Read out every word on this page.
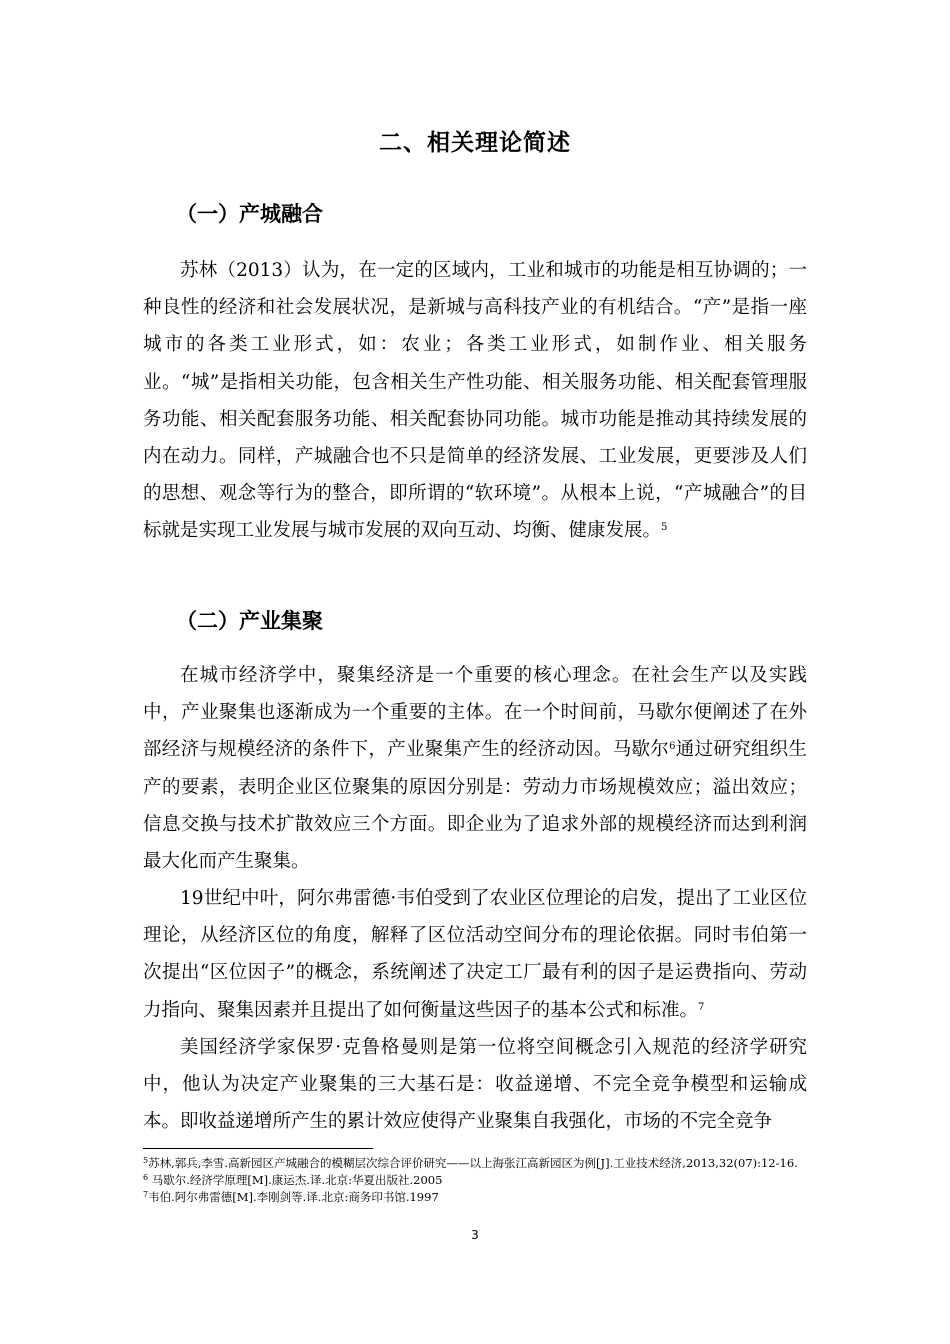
二、相关理论简述
（一）产城融合

苏林（2013）认为，在一定的区域内，工业和城市的功能是相互协调的；一种良性的经济和社会发展状况，是新城与高科技产业的有机结合。“产”是指一座城市的各类工业形式，如：农业；各类工业形式，如制作业、相关服务业。“城”是指相关功能，包含相关生产性功能、相关服务功能、相关配套管理服务功能、相关配套服务功能、相关配套协同功能。城市功能是推动其持续发展的内在动力。同样，产城融合也不只是简单的经济发展、工业发展，更要涉及人们的思想、观念等行为的整合，即所谓的“软环境”。从根本上说，“产城融合”的目标就是实现工业发展与城市发展的双向互动、均衡、健康发展。$^5$

（二）产业集聚

在城市经济学中，聚集经济是一个重要的核心理念。在社会生产以及实践中，产业聚集也逐渐成为一个重要的主体。在一个时间前，马歇尔便阐述了在外部经济与规模经济的条件下，产业聚集产生的经济动因。马歇尔$^6$通过研究组织生产的要素，表明企业区位聚集的原因分别是：劳动力市场规模效应；溢出效应；信息交换与技术扩散效应三个方面。即企业为了追求外部的规模经济而达到利润最大化而产生聚集。

19世纪中叶，阿尔弗雷德·韦伯受到了农业区位理论的启发，提出了工业区位理论，从经济区位的角度，解释了区位活动空间分布的理论依据。同时韦伯第一次提出“区位因子”的概念，系统阐述了决定工厂最有利的因子是运费指向、劳动力指向、聚集因素并且提出了如何衡量这些因子的基本公式和标准。$^7$

美国经济学家保罗·克鲁格曼则是第一位将空间概念引入规范的经济学研究中，他认为决定产业聚集的三大基石是：收益递增、不完全竞争模型和运输成本。即收益递增所产生的累计效应使得产业聚集自我强化，市场的不完全竞争

$^5$苏林,郭兵,李雪.高新园区产城融合的模糊层次综合评价研究——以上海张江高新园区为例[J].工业技术经济,2013,32(07):12-16.

$^6$ 马歇尔.经济学原理[M].康运杰.译.北京:华夏出版社.2005

$^7$韦伯.阿尔弗雷德[M].李刚剑等.译.北京:商务印书馆.1997

3
